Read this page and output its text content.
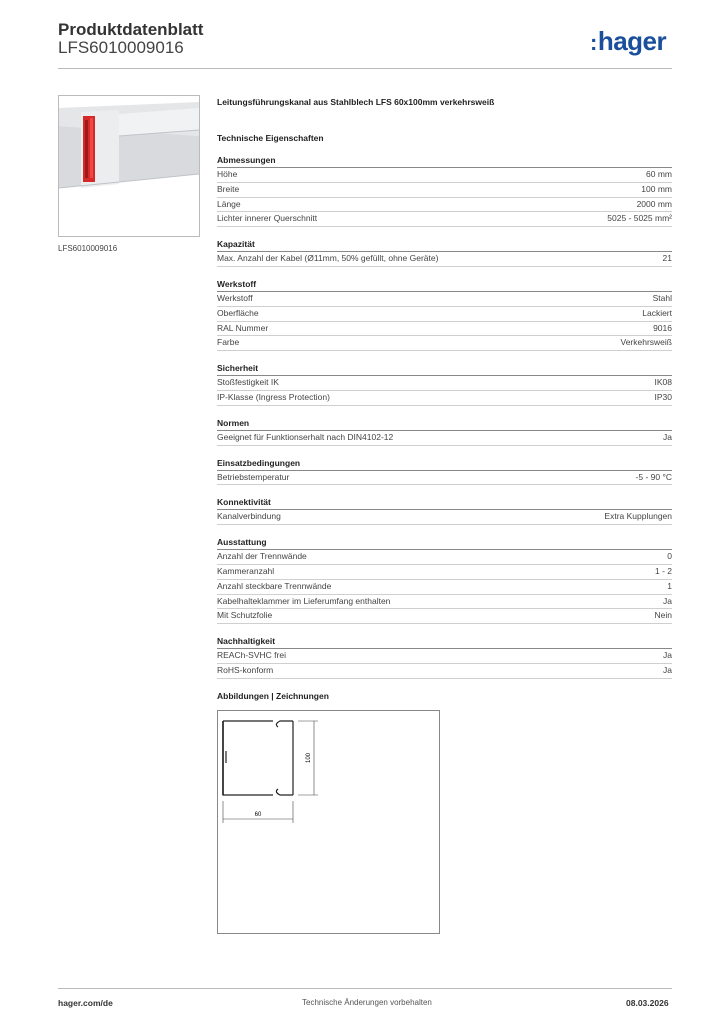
Produktdatenblatt
LFS6010009016	:hager
LFS6010009016
Leitungsführungskanal aus Stahlblech LFS 60x100mm verkehrsweiß
Technische Eigenschaften
Abmessungen
Höhe	60 mm
Breite	100 mm
Länge	2000 mm
Lichter innerer Querschnitt	5025 - 5025 mm²
Kapazität
Max. Anzahl der Kabel (Ø11mm, 50% gefüllt, ohne Geräte)	21
Werkstoff
Werkstoff	Stahl
Oberfläche	Lackiert
RAL Nummer	9016
Farbe	Verkehrsweiß
Sicherheit
Stoßfestigkeit IK	IK08
IP-Klasse (Ingress Protection)	IP30
Normen
Geeignet für Funktionserhalt nach DIN4102-12	Ja
Einsatzbedingungen
Betriebstemperatur	-5 - 90 °C
Konnektivität
Kanalverbindung	Extra Kupplungen
Ausstattung
Anzahl der Trennwände	0
Kammeranzahl	1 - 2
Anzahl steckbare Trennwände	1
Kabelhalteklammer im Lieferumfang enthalten	Ja
Mit Schutzfolie	Nein
Nachhaltigkeit
REACh-SVHC frei	Ja
RoHS-konform	Ja
Abbildungen | Zeichnungen
100
60
hager.com/de	Technische Änderungen vorbehalten	08.03.2026
